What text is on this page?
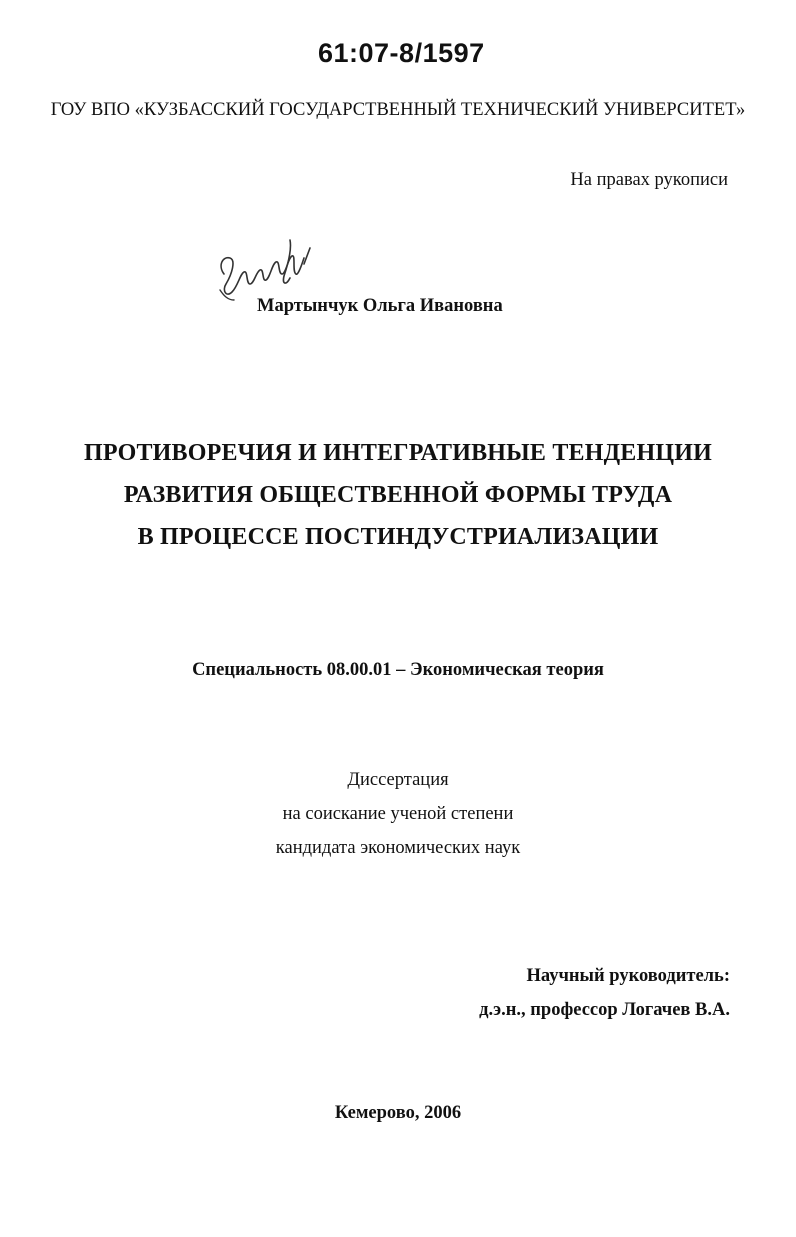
61:07-8/1597
ГОУ ВПО «КУЗБАССКИЙ ГОСУДАРСТВЕННЫЙ ТЕХНИЧЕСКИЙ УНИВЕРСИТЕТ»
На правах рукописи
Мартынчук Ольга Ивановна
ПРОТИВОРЕЧИЯ И ИНТЕГРАТИВНЫЕ ТЕНДЕНЦИИ
РАЗВИТИЯ ОБЩЕСТВЕННОЙ ФОРМЫ ТРУДА
В ПРОЦЕССЕ ПОСТИНДУСТРИАЛИЗАЦИИ
Специальность 08.00.01 – Экономическая теория
Диссертация
на соискание ученой степени
кандидата экономических наук
Научный руководитель:
д.э.н., профессор Логачев В.А.
Кемерово, 2006
